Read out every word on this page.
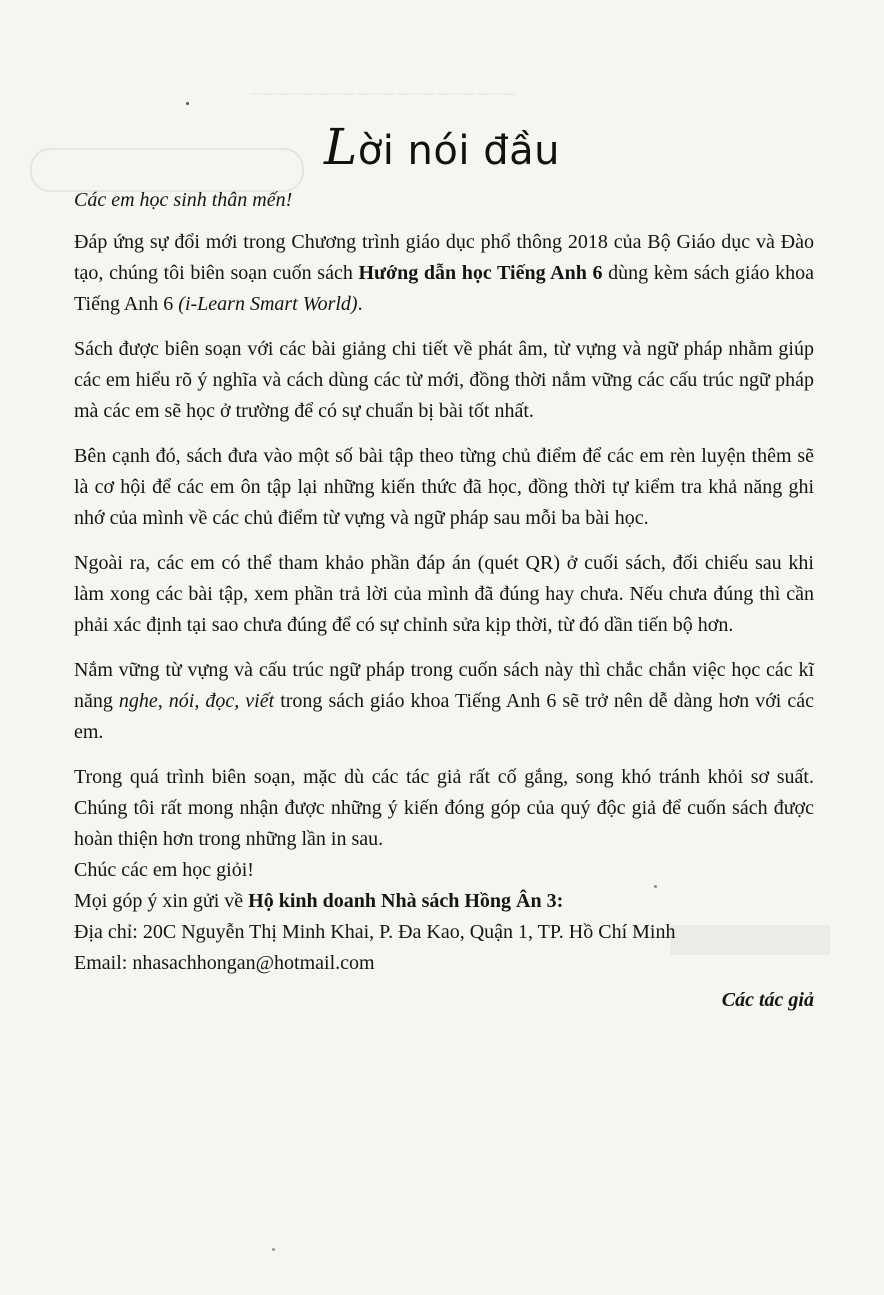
────────────────────
Lời nói đầu

Các em học sinh thân mến!

Đáp ứng sự đổi mới trong Chương trình giáo dục phổ thông 2018 của Bộ Giáo dục và Đào tạo, chúng tôi biên soạn cuốn sách Hướng dẫn học Tiếng Anh 6 dùng kèm sách giáo khoa Tiếng Anh 6 (i-Learn Smart World).

Sách được biên soạn với các bài giảng chi tiết về phát âm, từ vựng và ngữ pháp nhằm giúp các em hiểu rõ ý nghĩa và cách dùng các từ mới, đồng thời nắm vững các cấu trúc ngữ pháp mà các em sẽ học ở trường để có sự chuẩn bị bài tốt nhất.

Bên cạnh đó, sách đưa vào một số bài tập theo từng chủ điểm để các em rèn luyện thêm sẽ là cơ hội để các em ôn tập lại những kiến thức đã học, đồng thời tự kiểm tra khả năng ghi nhớ của mình về các chủ điểm từ vựng và ngữ pháp sau mỗi ba bài học.

Ngoài ra, các em có thể tham khảo phần đáp án (quét QR) ở cuối sách, đối chiếu sau khi làm xong các bài tập, xem phần trả lời của mình đã đúng hay chưa. Nếu chưa đúng thì cần phải xác định tại sao chưa đúng để có sự chỉnh sửa kịp thời, từ đó dần tiến bộ hơn.

Nắm vững từ vựng và cấu trúc ngữ pháp trong cuốn sách này thì chắc chắn việc học các kĩ năng nghe, nói, đọc, viết trong sách giáo khoa Tiếng Anh 6 sẽ trở nên dễ dàng hơn với các em.

Trong quá trình biên soạn, mặc dù các tác giả rất cố gắng, song khó tránh khỏi sơ suất. Chúng tôi rất mong nhận được những ý kiến đóng góp của quý độc giả để cuốn sách được hoàn thiện hơn trong những lần in sau.

Chúc các em học giỏi!

Mọi góp ý xin gửi về Hộ kinh doanh Nhà sách Hồng Ân 3:

Địa chỉ: 20C Nguyễn Thị Minh Khai, P. Đa Kao, Quận 1, TP. Hồ Chí Minh

Email: nhasachhongan@hotmail.com

Các tác giả
